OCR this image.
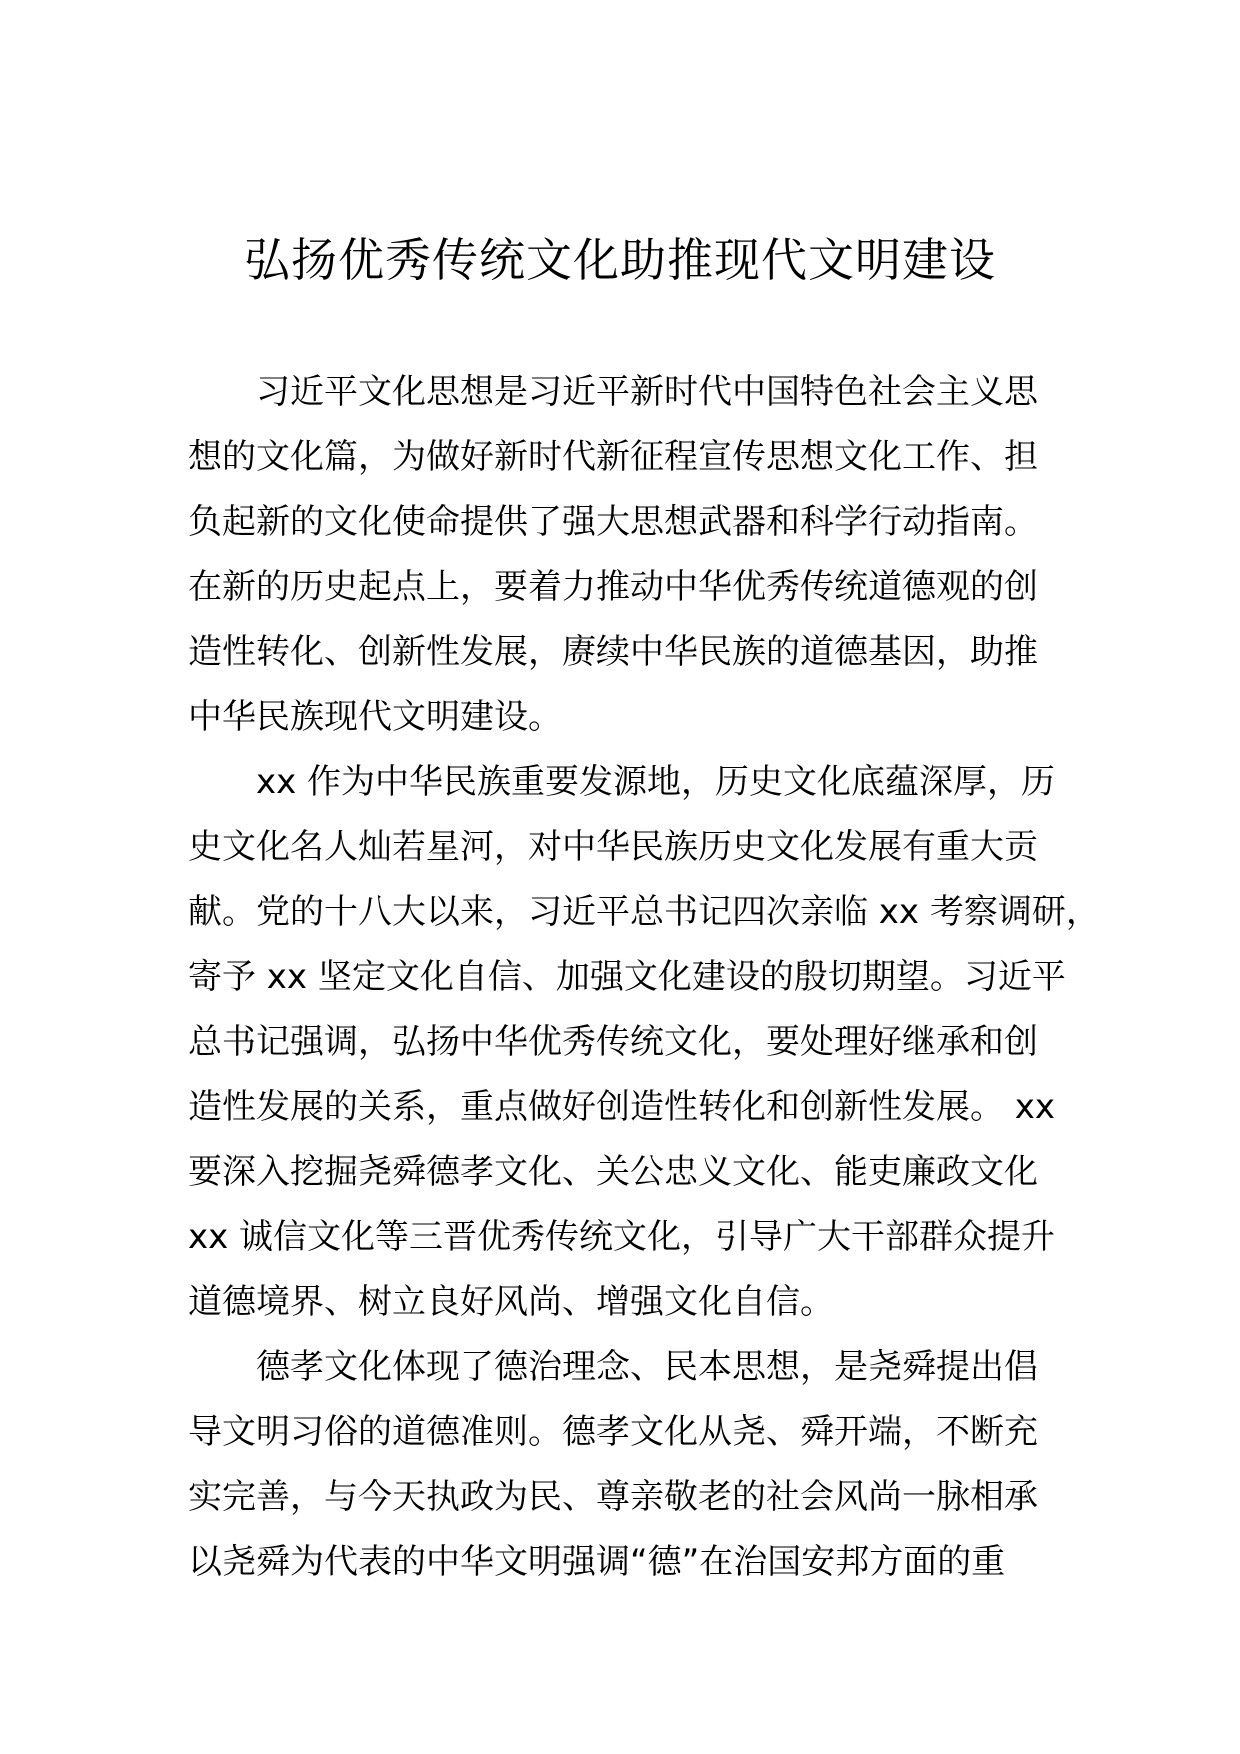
弘扬优秀传统文化助推现代文明建设
习近平文化思想是习近平新时代中国特色社会主义思
想的文化篇，为做好新时代新征程宣传思想文化工作、担
负起新的文化使命提供了强大思想武器和科学行动指南。
在新的历史起点上，要着力推动中华优秀传统道德观的创
造性转化、创新性发展，赓续中华民族的道德基因，助推
中华民族现代文明建设。
xx 作为中华民族重要发源地，历史文化底蕴深厚，历
史文化名人灿若星河，对中华民族历史文化发展有重大贡
献。党的十八大以来，习近平总书记四次亲临 xx 考察调研，
寄予 xx 坚定文化自信、加强文化建设的殷切期望。习近平
总书记强调，弘扬中华优秀传统文化，要处理好继承和创
造性发展的关系，重点做好创造性转化和创新性发展。 xx
要深入挖掘尧舜德孝文化、关公忠义文化、能吏廉政文化
xx 诚信文化等三晋优秀传统文化，引导广大干部群众提升
道德境界、树立良好风尚、增强文化自信。
德孝文化体现了德治理念、民本思想，是尧舜提出倡
导文明习俗的道德准则。德孝文化从尧、舜开端，不断充
实完善，与今天执政为民、尊亲敬老的社会风尚一脉相承
以尧舜为代表的中华文明强调“德”在治国安邦方面的重
